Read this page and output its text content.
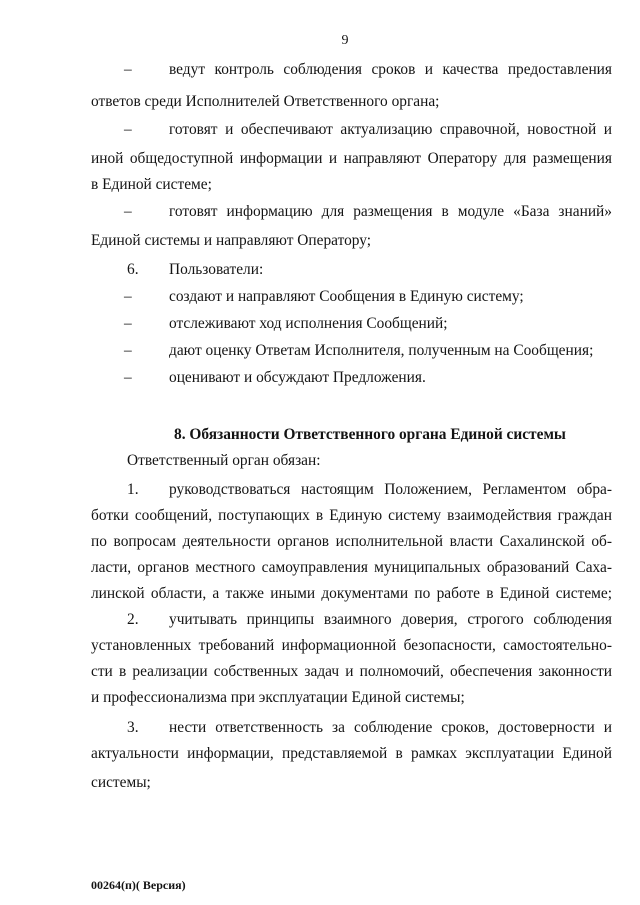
9
– ведут контроль соблюдения сроков и качества предоставления
ответов среди Исполнителей Ответственного органа;
– готовят и обеспечивают актуализацию справочной, новостной и
иной общедоступной информации и направляют Оператору для размещения
в Единой системе;
– готовят информацию для размещения в модуле «База знаний»
Единой системы и направляют Оператору;
6. Пользователи:
– создают и направляют Сообщения в Единую систему;
– отслеживают ход исполнения Сообщений;
– дают оценку Ответам Исполнителя, полученным на Сообщения;
– оценивают и обсуждают Предложения.
8. Обязанности Ответственного органа Единой системы
Ответственный орган обязан:
1. руководствоваться настоящим Положением, Регламентом обра-
ботки сообщений, поступающих в Единую систему взаимодействия граждан
по вопросам деятельности органов исполнительной власти Сахалинской об-
ласти, органов местного самоуправления муниципальных образований Саха-
линской области, а также иными документами по работе в Единой системе;
2. учитывать принципы взаимного доверия, строгого соблюдения
установленных требований информационной безопасности, самостоятельно-
сти в реализации собственных задач и полномочий, обеспечения законности
и профессионализма при эксплуатации Единой системы;
3. нести ответственность за соблюдение сроков, достоверности и
актуальности информации, представляемой в рамках эксплуатации Единой
системы;
00264(п)( Версия)
